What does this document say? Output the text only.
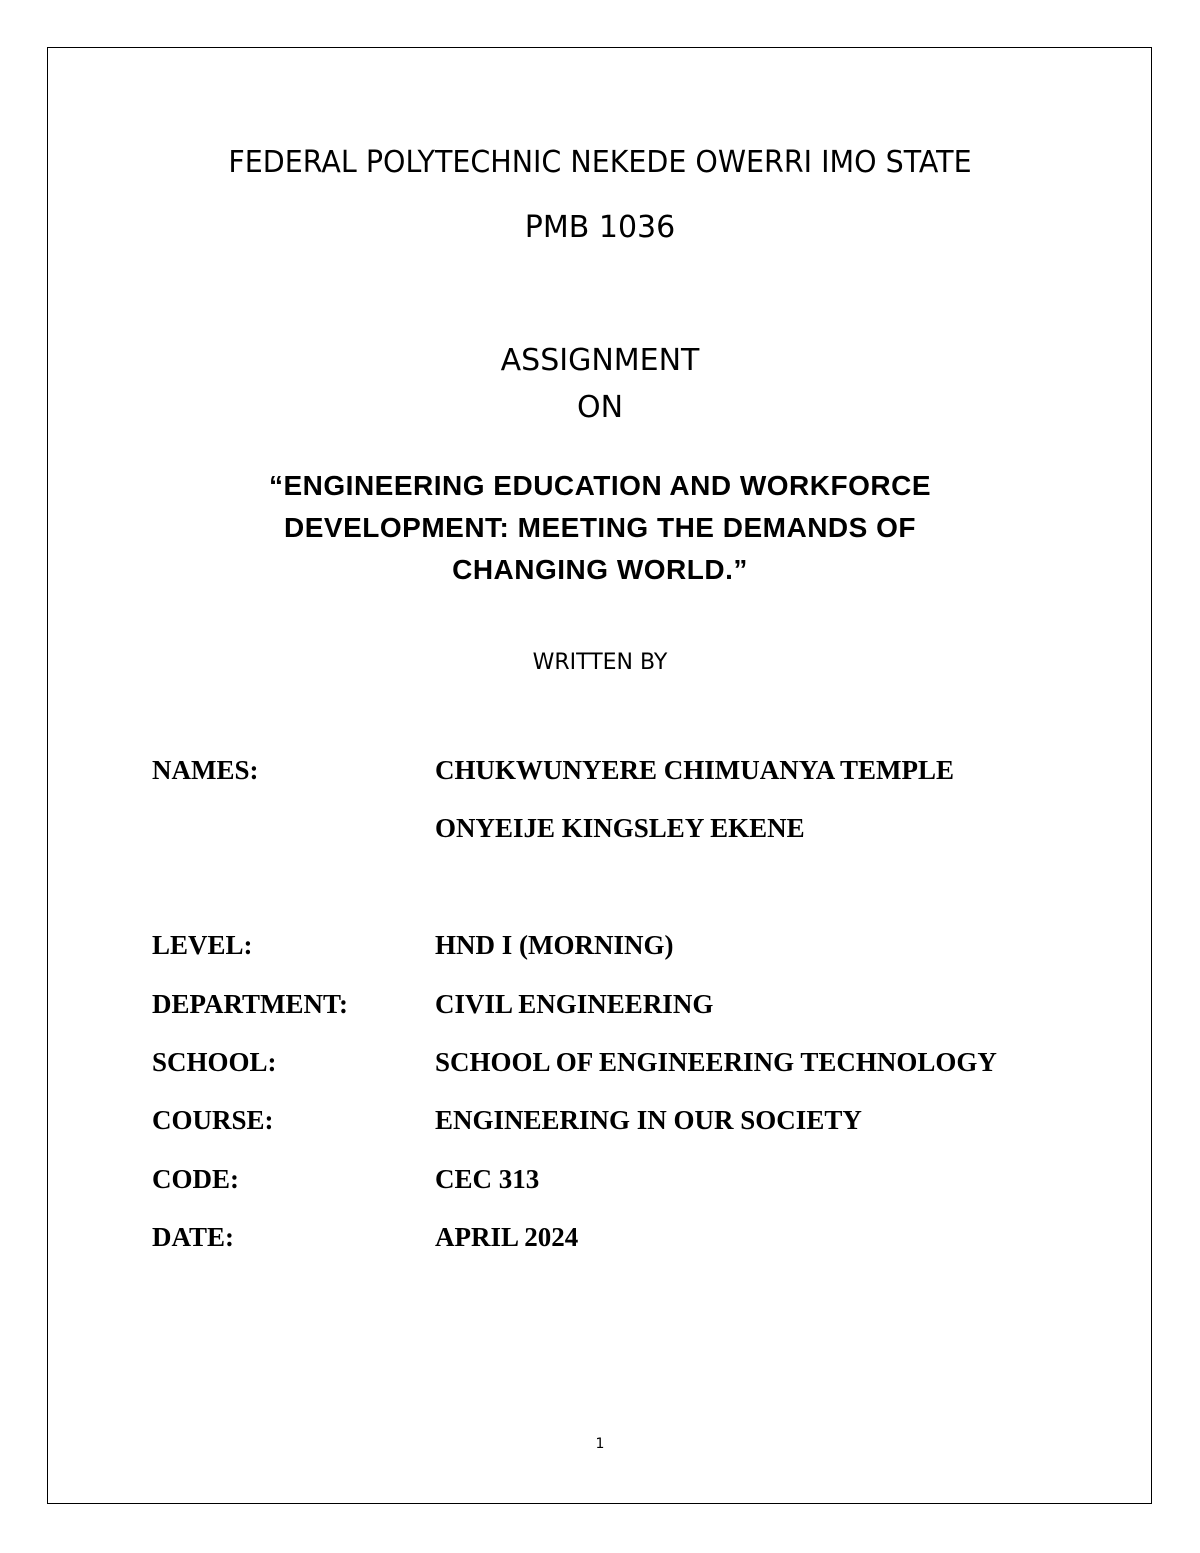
FEDERAL POLYTECHNIC NEKEDE OWERRI IMO STATE
PMB 1036
ASSIGNMENT
ON
“ENGINEERING EDUCATION AND WORKFORCE
DEVELOPMENT: MEETING THE DEMANDS OF
CHANGING WORLD.”
WRITTEN BY
NAMES:	CHUKWUNYERE CHIMUANYA TEMPLE
ONYEIJE KINGSLEY EKENE
LEVEL:	HND I (MORNING)
DEPARTMENT:	CIVIL ENGINEERING
SCHOOL:	SCHOOL OF ENGINEERING TECHNOLOGY
COURSE:	ENGINEERING IN OUR SOCIETY
CODE:	CEC 313
DATE:	APRIL 2024
1
